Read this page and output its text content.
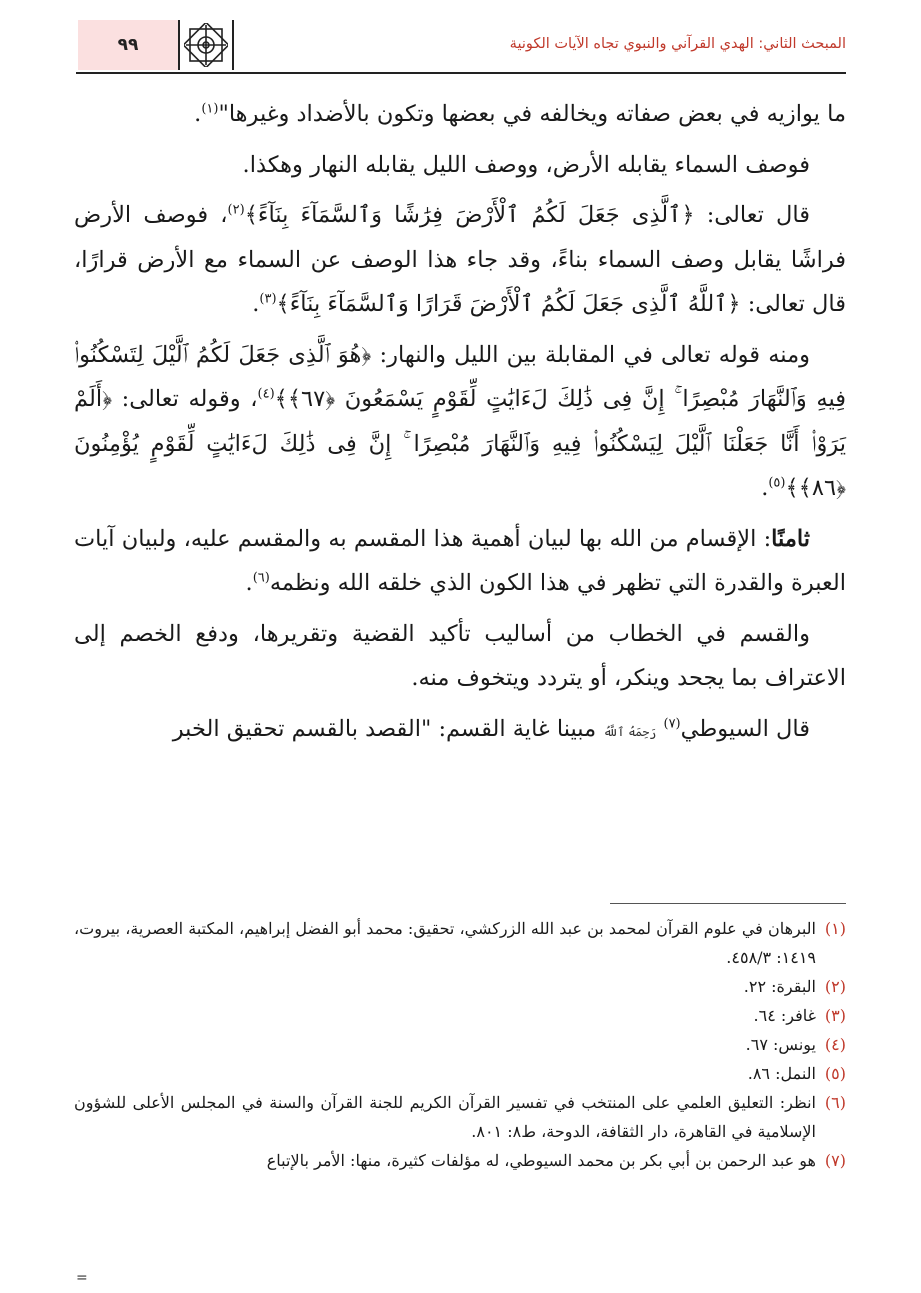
المبحث الثاني: الهدي القرآني والنبوي تجاه الآيات الكونية
٩٩

ما يوازيه في بعض صفاته ويخالفه في بعضها وتكون بالأضداد وغيرها"$^{(١)}$.

فوصف السماء يقابله الأرض، ووصف الليل يقابله النهار وهكذا.

قال تعالى: ﴿ٱلَّذِى جَعَلَ لَكُمُ ٱلْأَرْضَ فِرَٰشًا وَٱلسَّمَآءَ بِنَآءً﴾$^{(٢)}$، فوصف الأرض فراشًا يقابل وصف السماء بناءً، وقد جاء هذا الوصف عن السماء مع الأرض قرارًا، قال تعالى: ﴿ٱللَّهُ ٱلَّذِى جَعَلَ لَكُمُ ٱلْأَرْضَ قَرَارًا وَٱلسَّمَآءَ بِنَآءً﴾$^{(٣)}$.

ومنه قوله تعالى في المقابلة بين الليل والنهار: ﴿هُوَ ٱلَّذِى جَعَلَ لَكُمُ ٱلَّيْلَ لِتَسْكُنُوا۟ فِيهِ وَٱلنَّهَارَ مُبْصِرًا ۚ إِنَّ فِى ذَٰلِكَ لَءَايَٰتٍ لِّقَوْمٍ يَسْمَعُونَ ﴿٦٧﴾﴾$^{(٤)}$، وقوله تعالى: ﴿أَلَمْ يَرَوْا۟ أَنَّا جَعَلْنَا ٱلَّيْلَ لِيَسْكُنُوا۟ فِيهِ وَٱلنَّهَارَ مُبْصِرًا ۚ إِنَّ فِى ذَٰلِكَ لَءَايَٰتٍ لِّقَوْمٍ يُؤْمِنُونَ ﴿٨٦﴾﴾$^{(٥)}$.

ثامنًا: الإقسام من الله بها لبيان أهمية هذا المقسم به والمقسم عليه، ولبيان آيات العبرة والقدرة التي تظهر في هذا الكون الذي خلقه الله ونظمه$^{(٦)}$.

والقسم في الخطاب من أساليب تأكيد القضية وتقريرها، ودفع الخصم إلى الاعتراف بما يجحد وينكر، أو يتردد ويتخوف منه.

قال السيوطي$^{(٧)}$ رَحِمَهُ ٱللَّهُ مبينا غاية القسم: "القصد بالقسم تحقيق الخبر

(١)
البرهان في علوم القرآن لمحمد بن عبد الله الزركشي، تحقيق: محمد أبو الفضل إبراهيم، المكتبة العصرية، بيروت، ١٤١٩: ٤٥٨/٣.
(٢)
البقرة: ٢٢.
(٣)
غافر: ٦٤.
(٤)
يونس: ٦٧.
(٥)
النمل: ٨٦.
(٦)
انظر: التعليق العلمي على المنتخب في تفسير القرآن الكريم للجنة القرآن والسنة في المجلس الأعلى للشؤون الإسلامية في القاهرة، دار الثقافة، الدوحة، ط٨: ٨٠١.
(٧)
هو عبد الرحمن بن أبي بكر بن محمد السيوطي، له مؤلفات كثيرة، منها: الأمر بالإتباع
=
